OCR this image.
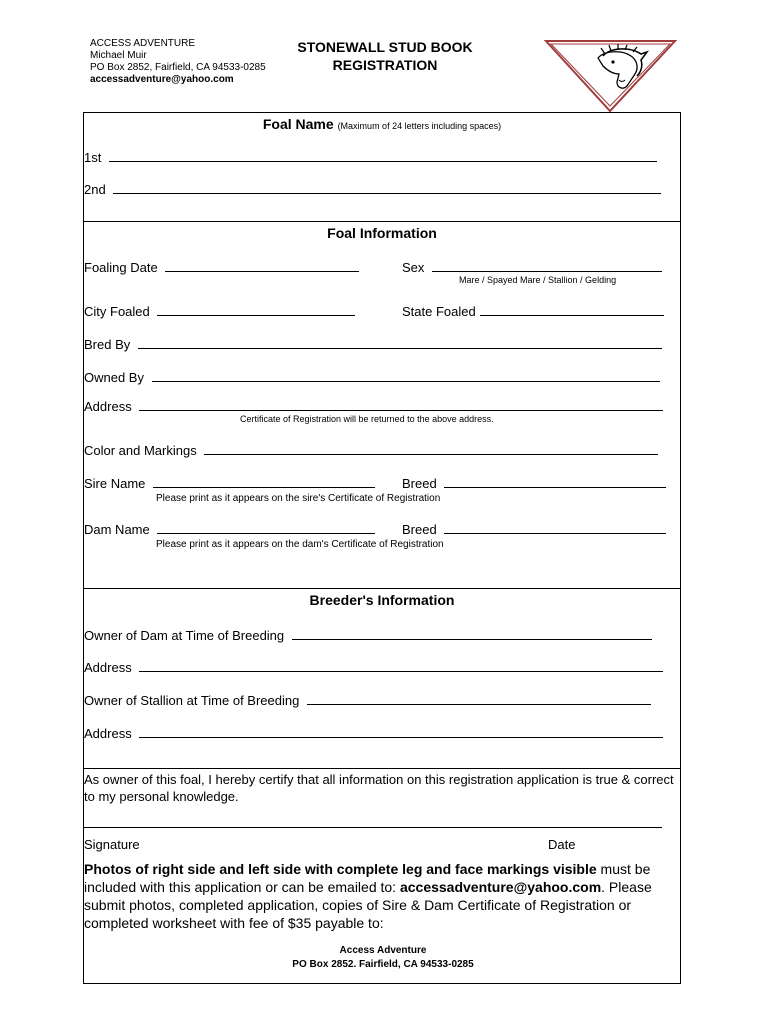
ACCESS ADVENTURE
Michael Muir
PO Box 2852, Fairfield, CA 94533-0285
accessadventure@yahoo.com
STONEWALL STUD BOOK
REGISTRATION
Foal Name (Maximum of 24 letters including spaces)
1st
2nd
Foal Information
Foaling Date	Sex
Mare / Spayed Mare / Stallion / Gelding
City Foaled	State Foaled
Bred By
Owned By
Address
Certificate of Registration will be returned to the above address.
Color and Markings
Sire Name	Breed
Please print as it appears on the sire's Certificate of Registration
Dam Name	Breed
Please print as it appears on the dam's Certificate of Registration
Breeder's Information
Owner of Dam at Time of Breeding
Address
Owner of Stallion at Time of Breeding
Address
As owner of this foal, I hereby certify that all information on this registration application is true & correct to my personal knowledge.
Signature	Date
Photos of right side and left side with complete leg and face markings visible must be included with this application or can be emailed to: accessadventure@yahoo.com. Please submit photos, completed application, copies of Sire & Dam Certificate of Registration or completed worksheet with fee of $35 payable to:
Access Adventure
PO Box 2852. Fairfield, CA 94533-0285
